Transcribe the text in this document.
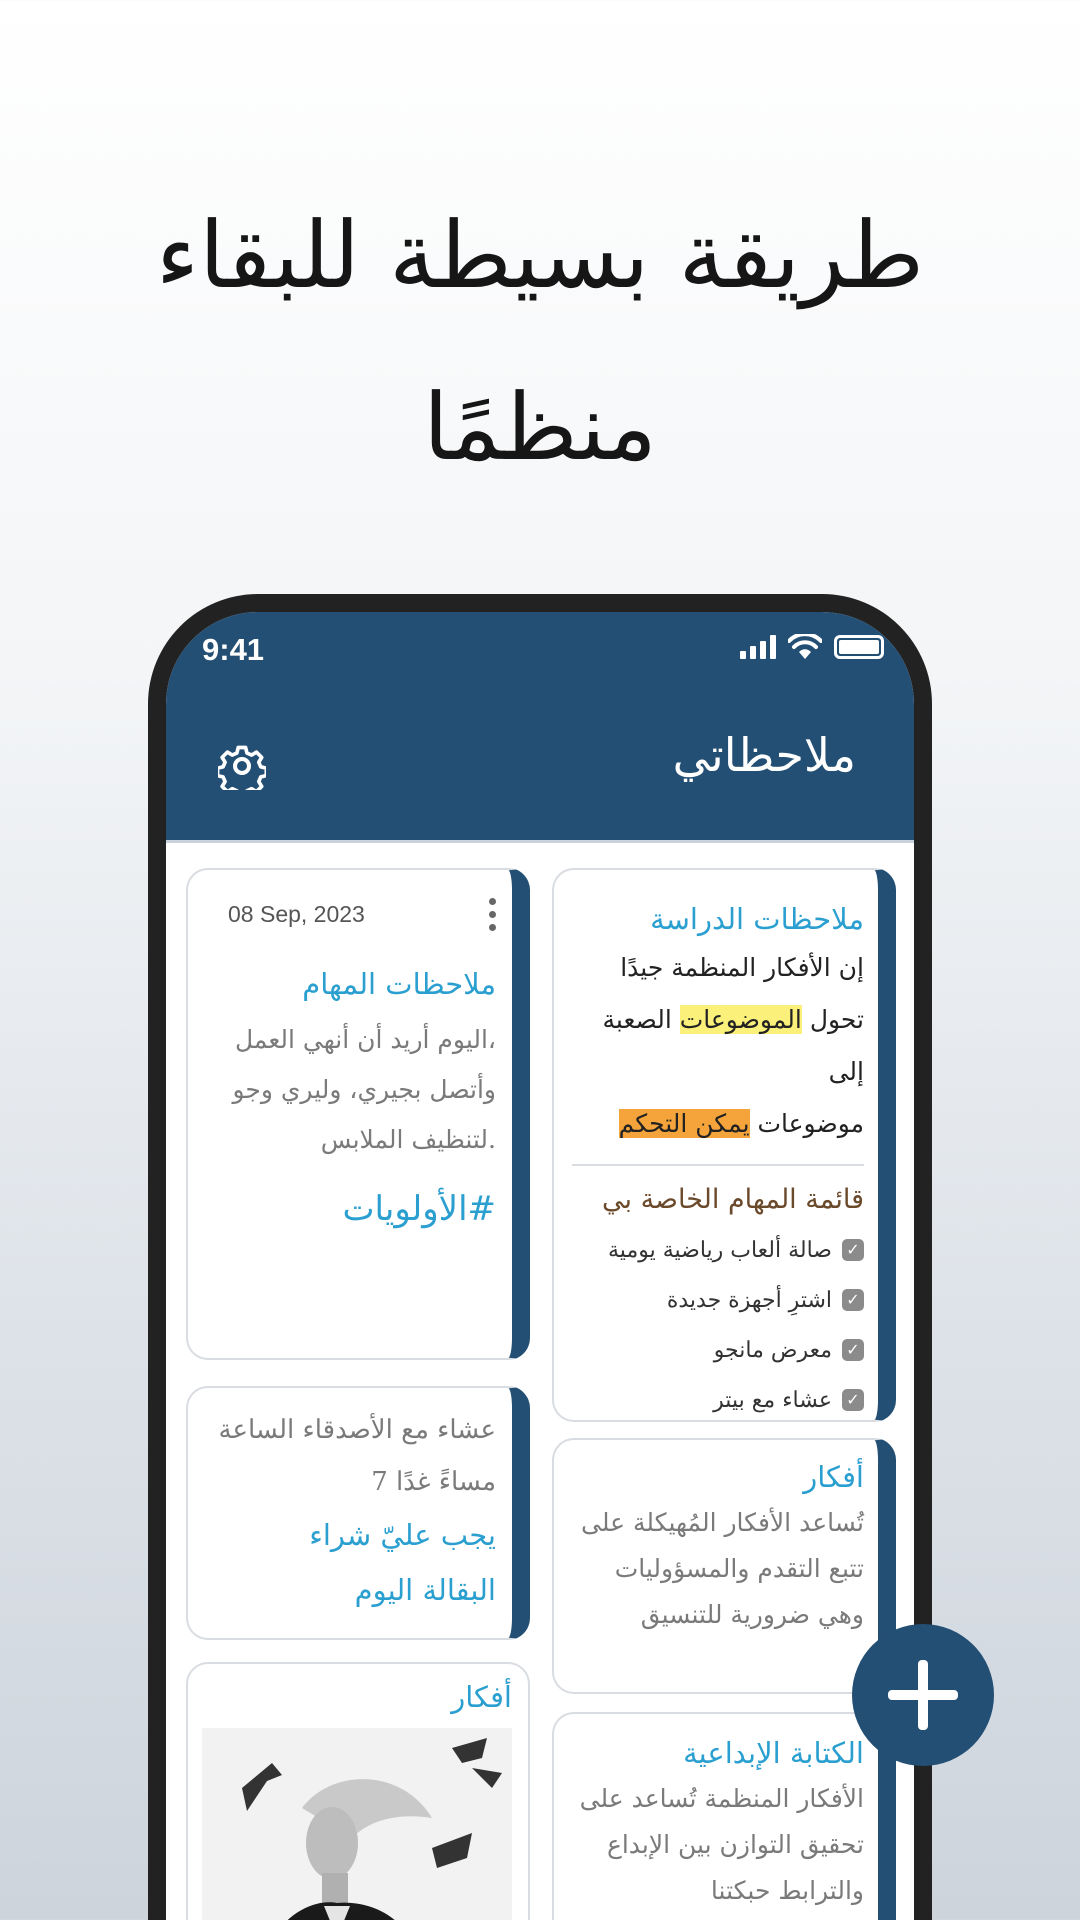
طريقة بسيطة للبقاء منظمًا
9:41
ملاحظاتي
ملاحظات الدراسة
إن الأفكار المنظمة جيدًا
تحول الموضوعات الصعبة إلى
موضوعات يمكن التحكم
قائمة المهام الخاصة بي
✓
صالة ألعاب رياضية يومية
✓
اشترِ أجهزة جديدة
✓
معرض مانجو
✓
عشاء مع بيتر
أفكار
تُساعد الأفكار المُهيكلة على
تتبع التقدم والمسؤوليات
وهي ضرورية للتنسيق
الكتابة الإبداعية
الأفكار المنظمة تُساعد على
تحقيق التوازن بين الإبداع
والترابط حبكتنا
08 Sep, 2023
ملاحظات المهام
،اليوم أريد أن أنهي العمل
وأتصل بجيري، وليري وجو
.لتنظيف الملابس
#الأولويات
عشاء مع الأصدقاء الساعة
مساءً غدًا 7
يجب عليّ شراء
البقالة اليوم
أفكار
